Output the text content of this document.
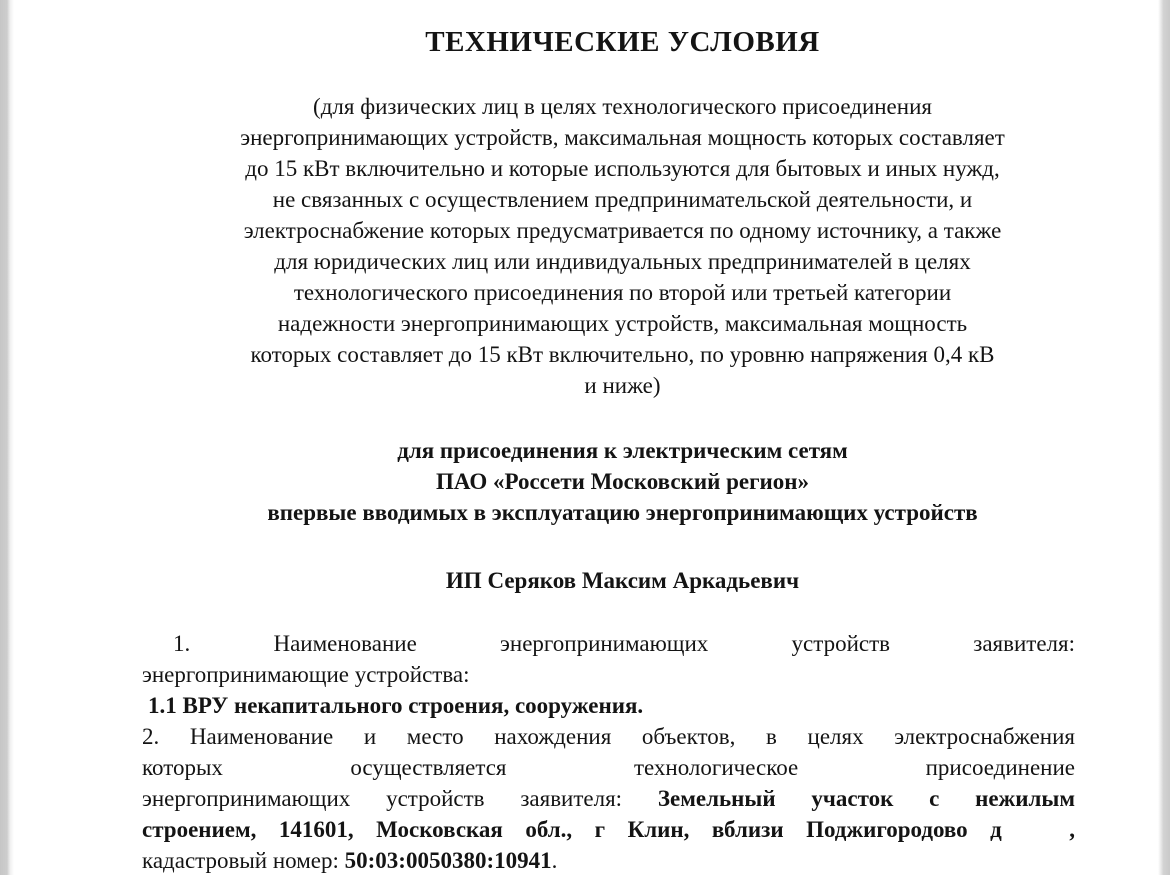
ТЕХНИЧЕСКИЕ УСЛОВИЯ
(для физических лиц в целях технологического присоединения
энергопринимающих устройств, максимальная мощность которых составляет
до 15 кВт включительно и которые используются для бытовых и иных нужд,
не связанных с осуществлением предпринимательской деятельности, и
электроснабжение которых предусматривается по одному источнику, а также
для юридических лиц или индивидуальных предпринимателей в целях
технологического присоединения по второй или третьей категории
надежности энергопринимающих устройств, максимальная мощность
которых составляет до 15 кВт включительно, по уровню напряжения 0,4 кВ
и ниже)
для присоединения к электрическим сетям
ПАО «Россети Московский регион»
впервые вводимых в эксплуатацию энергопринимающих устройств
ИП Серяков Максим Аркадьевич
1. Наименование энергопринимающих устройств заявителя:
энергопринимающие устройства:
1.1 ВРУ некапитального строения, сооружения.
2. Наименование и место нахождения объектов, в целях электроснабжения
которых осуществляется технологическое присоединение
энергопринимающих устройств заявителя: Земельный участок с нежилым
строением, 141601, Московская обл., г Клин, вблизи Поджигородово д   ,
кадастровый номер: 50:03:0050380:10941.
